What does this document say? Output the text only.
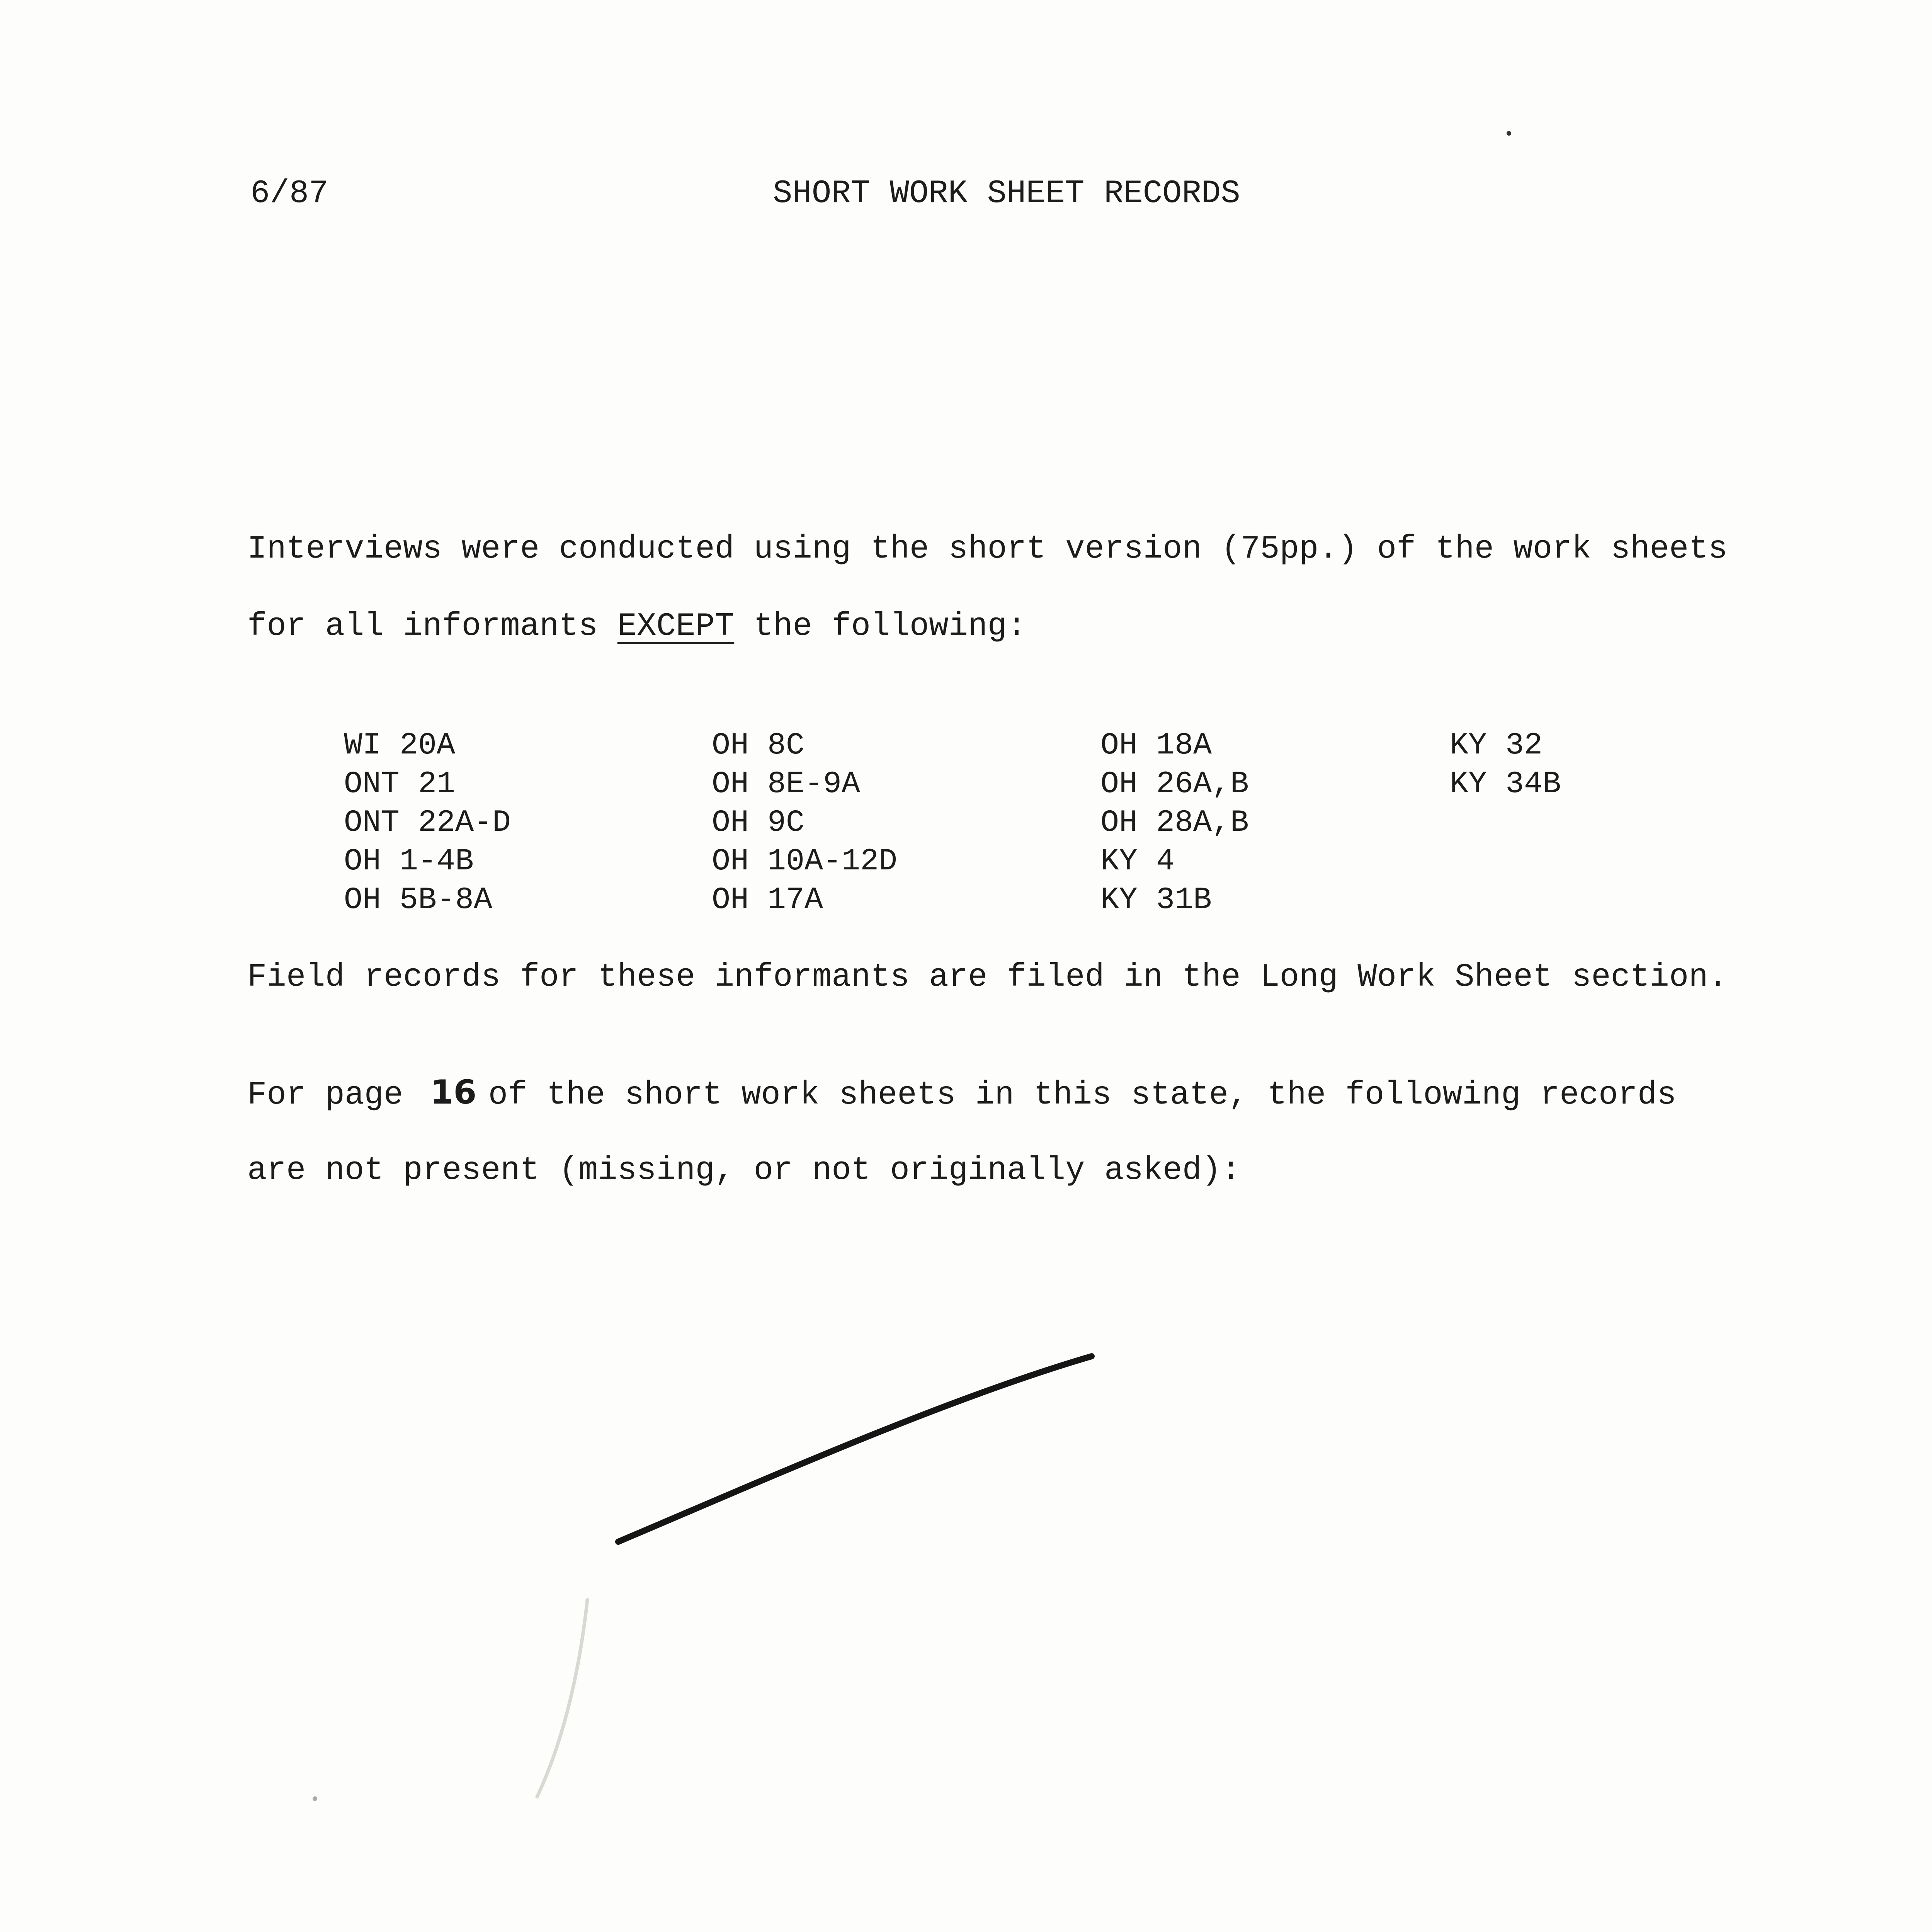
6/87	SHORT WORK SHEET RECORDS
Interviews were conducted using the short version (75pp.) of the work sheets
for all informants EXCEPT the following:
WI 20A
ONT 21
ONT 22A-D
OH 1-4B
OH 5B-8A
OH 8C
OH 8E-9A
OH 9C
OH 10A-12D
OH 17A
OH 18A
OH 26A,B
OH 28A,B
KY 4
KY 31B
KY 32
KY 34B
Field records for these informants are filed in the Long Work Sheet section.
For page 16 of the short work sheets in this state, the following records
are not present (missing, or not originally asked):
